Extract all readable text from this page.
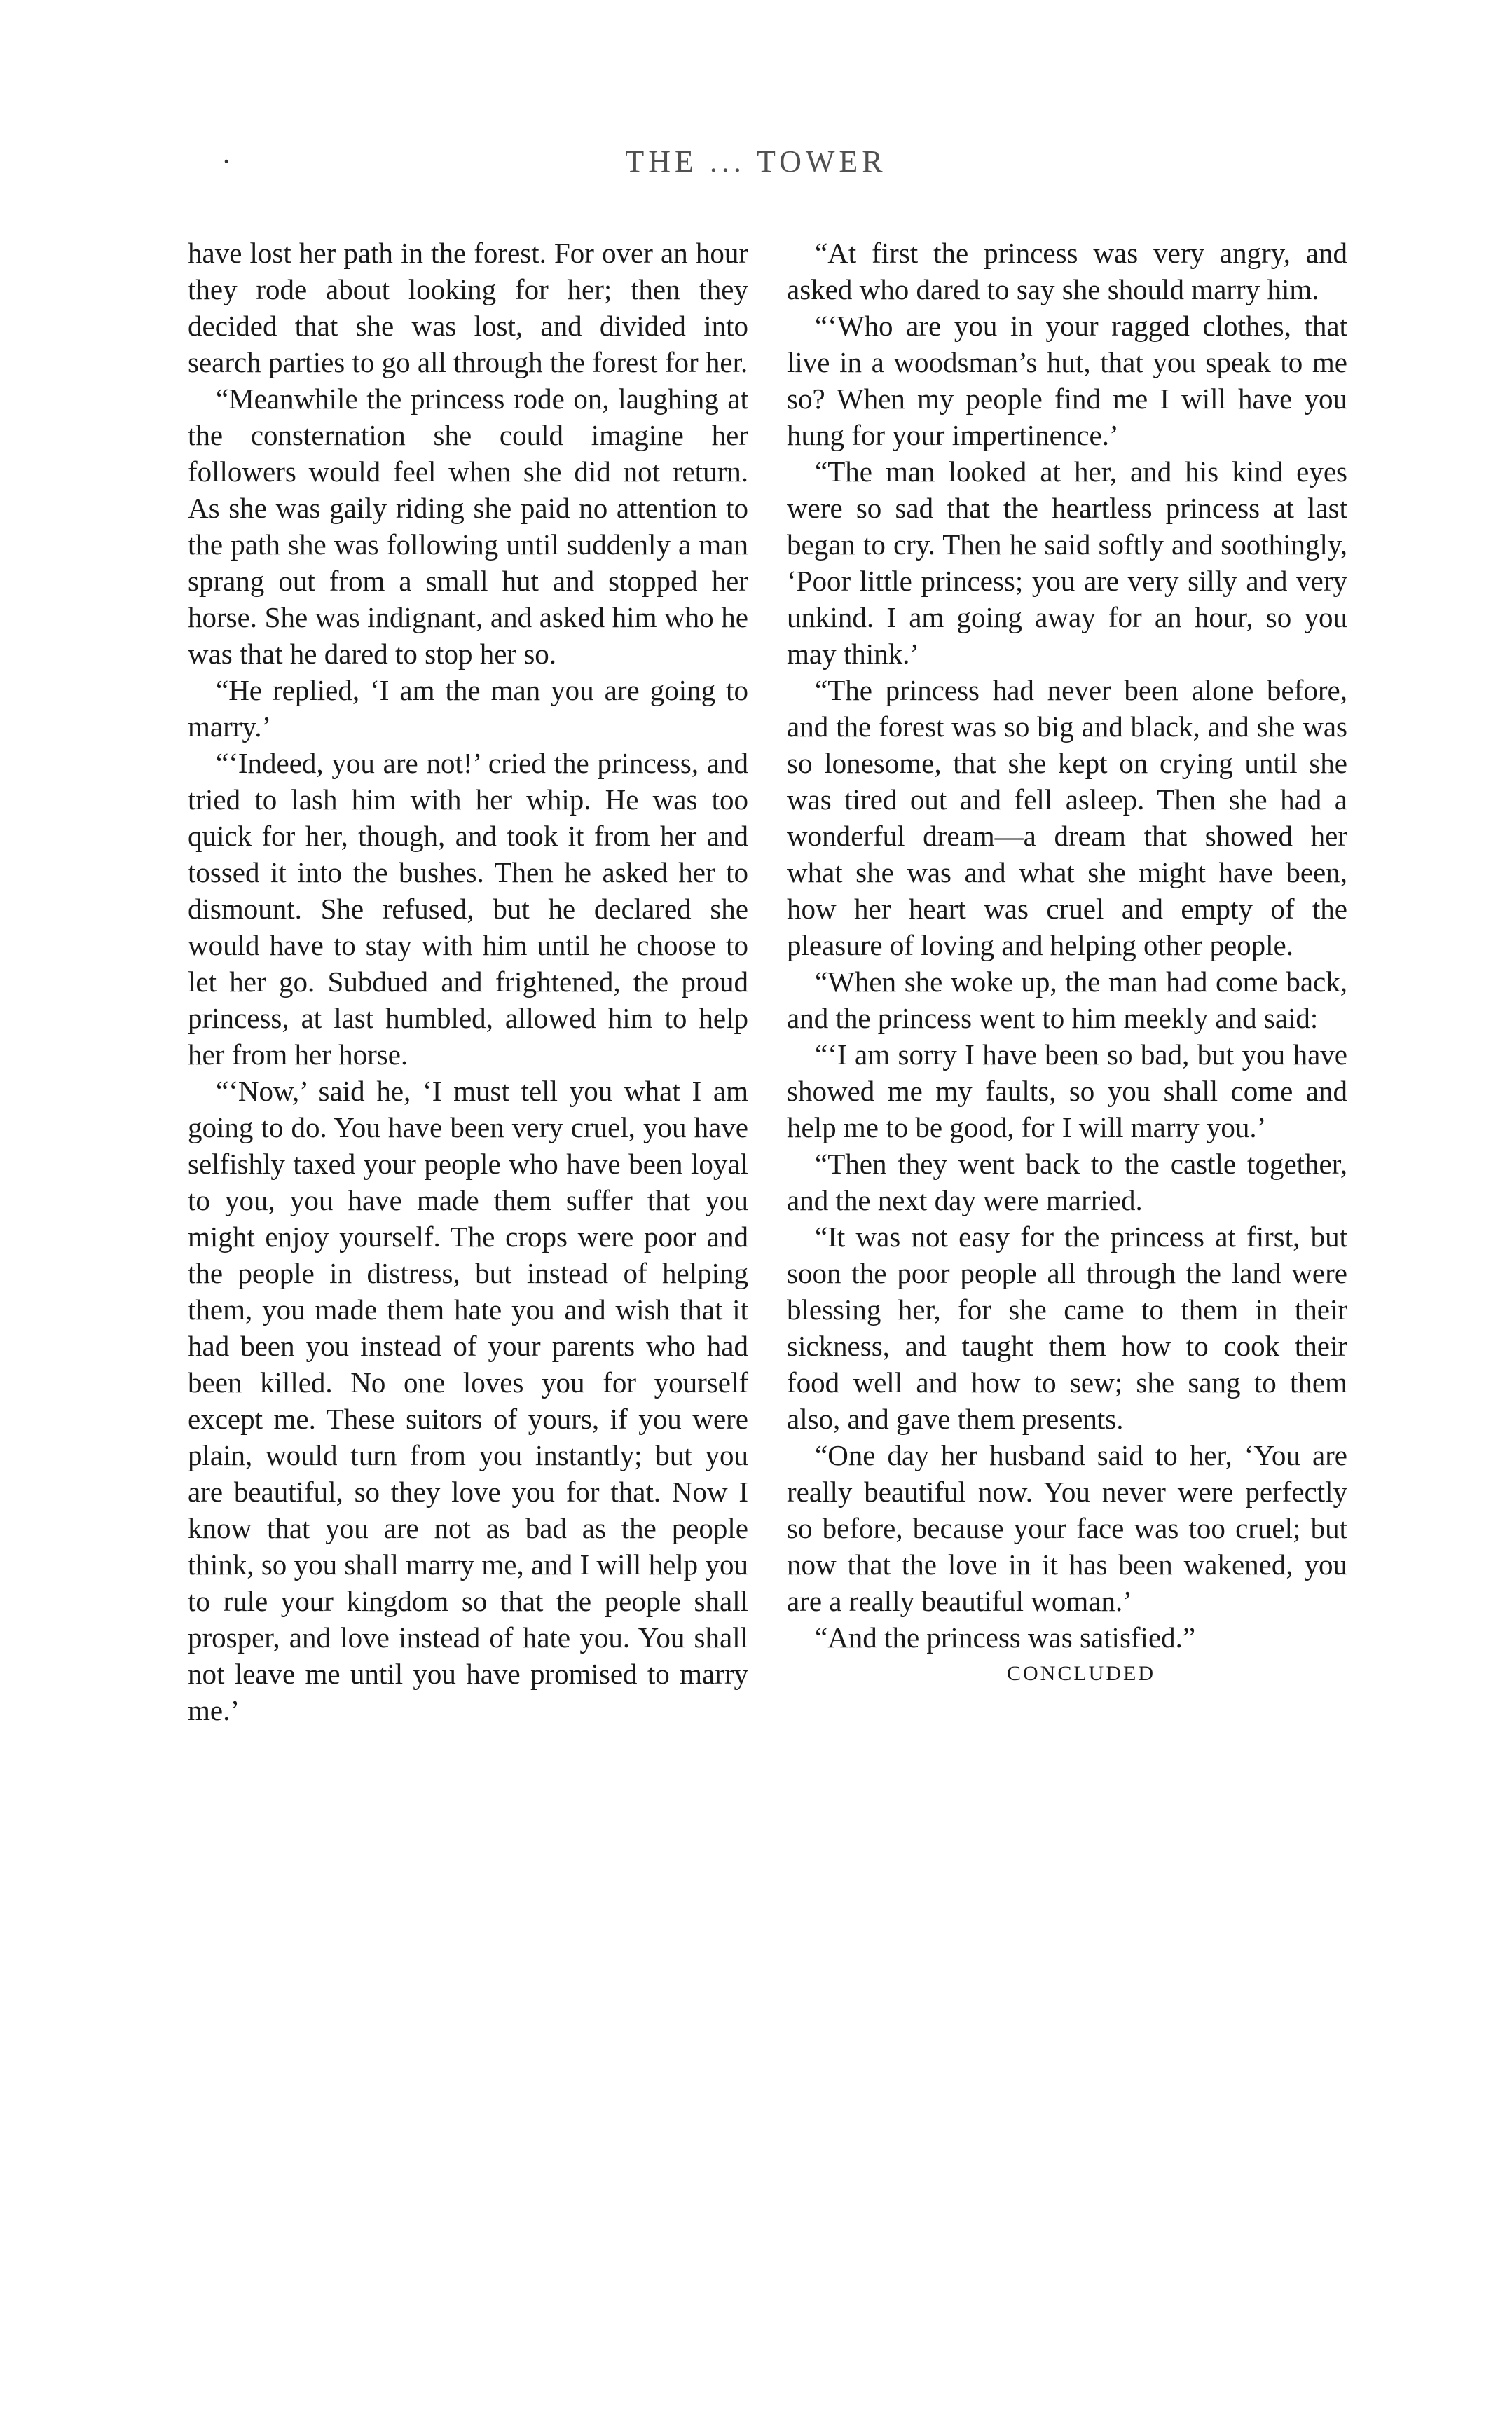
·	THE ... TOWER

have lost her path in the forest. For over an hour they rode about looking for her; then they decided that she was lost, and divided into search parties to go all through the forest for her.

“Meanwhile the princess rode on, laughing at the consternation she could imagine her followers would feel when she did not return. As she was gaily riding she paid no attention to the path she was following until suddenly a man sprang out from a small hut and stopped her horse. She was indignant, and asked him who he was that he dared to stop her so.

“He replied, ‘I am the man you are going to marry.’

“‘Indeed, you are not!’ cried the princess, and tried to lash him with her whip. He was too quick for her, though, and took it from her and tossed it into the bushes. Then he asked her to dismount. She refused, but he declared she would have to stay with him until he choose to let her go. Subdued and frightened, the proud princess, at last humbled, allowed him to help her from her horse.

“‘Now,’ said he, ‘I must tell you what I am going to do. You have been very cruel, you have selfishly taxed your people who have been loyal to you, you have made them suffer that you might enjoy yourself. The crops were poor and the people in distress, but instead of helping them, you made them hate you and wish that it had been you instead of your parents who had been killed. No one loves you for yourself except me. These suitors of yours, if you were plain, would turn from you instantly; but you are beautiful, so they love you for that. Now I know that you are not as bad as the people think, so you shall marry me, and I will help you to rule your kingdom so that the people shall prosper, and love instead of hate you. You shall not leave me until you have promised to marry me.’

“At first the princess was very angry, and asked who dared to say she should marry him.

“‘Who are you in your ragged clothes, that live in a woodsman’s hut, that you speak to me so? When my people find me I will have you hung for your impertinence.’

“The man looked at her, and his kind eyes were so sad that the heartless princess at last began to cry. Then he said softly and soothingly, ‘Poor little princess; you are very silly and very unkind. I am going away for an hour, so you may think.’

“The princess had never been alone before, and the forest was so big and black, and she was so lonesome, that she kept on crying until she was tired out and fell asleep. Then she had a wonderful dream—a dream that showed her what she was and what she might have been, how her heart was cruel and empty of the pleasure of loving and helping other people.

“When she woke up, the man had come back, and the princess went to him meekly and said:

“‘I am sorry I have been so bad, but you have showed me my faults, so you shall come and help me to be good, for I will marry you.’

“Then they went back to the castle together, and the next day were married.

“It was not easy for the princess at first, but soon the poor people all through the land were blessing her, for she came to them in their sickness, and taught them how to cook their food well and how to sew; she sang to them also, and gave them presents.

“One day her husband said to her, ‘You are really beautiful now. You never were perfectly so before, because your face was too cruel; but now that the love in it has been wakened, you are a really beautiful woman.’

“And the princess was satisfied.”

CONCLUDED
